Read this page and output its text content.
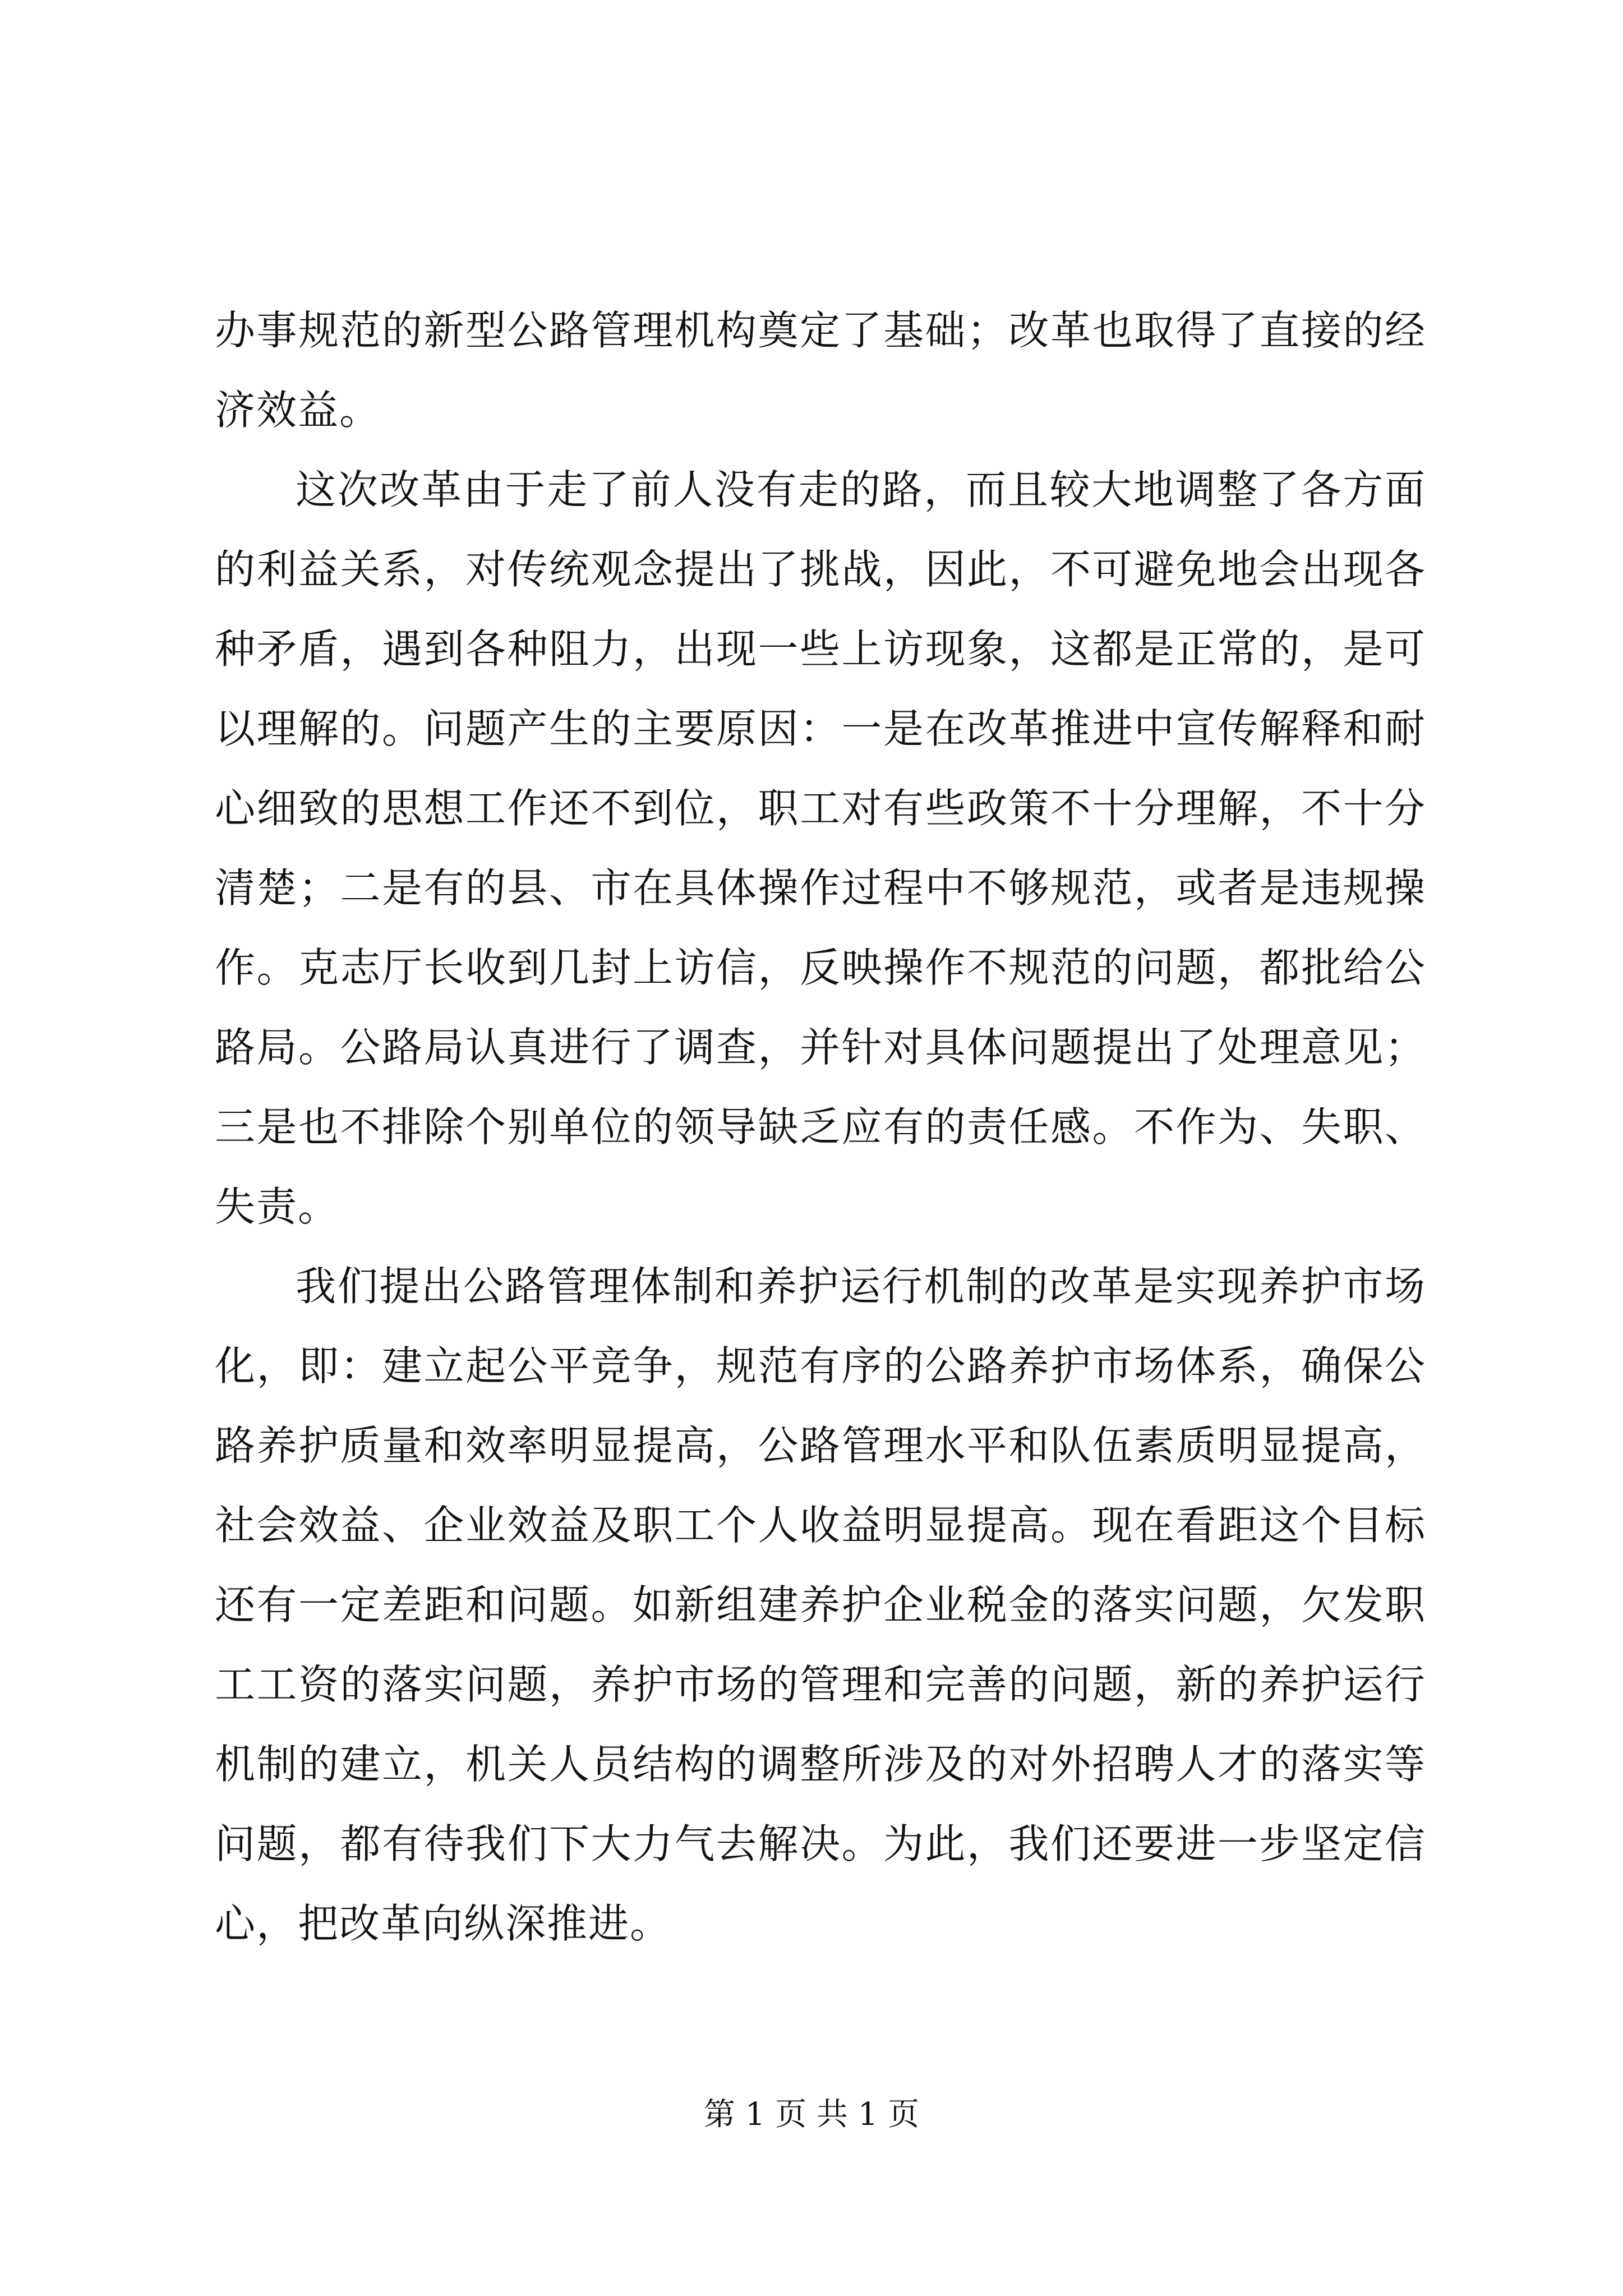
办事规范的新型公路管理机构奠定了基础；改革也取得了直接的经济效益。

这次改革由于走了前人没有走的路，而且较大地调整了各方面的利益关系，对传统观念提出了挑战，因此，不可避免地会出现各种矛盾，遇到各种阻力，出现一些上访现象，这都是正常的，是可以理解的。问题产生的主要原因：一是在改革推进中宣传解释和耐心细致的思想工作还不到位，职工对有些政策不十分理解，不十分清楚；二是有的县、市在具体操作过程中不够规范，或者是违规操作。克志厅长收到几封上访信，反映操作不规范的问题，都批给公路局。公路局认真进行了调查，并针对具体问题提出了处理意见；三是也不排除个别单位的领导缺乏应有的责任感。不作为、失职、失责。

我们提出公路管理体制和养护运行机制的改革是实现养护市场化，即：建立起公平竞争，规范有序的公路养护市场体系，确保公路养护质量和效率明显提高，公路管理水平和队伍素质明显提高，社会效益、企业效益及职工个人收益明显提高。现在看距这个目标还有一定差距和问题。如新组建养护企业税金的落实问题，欠发职工工资的落实问题，养护市场的管理和完善的问题，新的养护运行机制的建立，机关人员结构的调整所涉及的对外招聘人才的落实等问题，都有待我们下大力气去解决。为此，我们还要进一步坚定信心，把改革向纵深推进。

第 1 页 共 1 页
